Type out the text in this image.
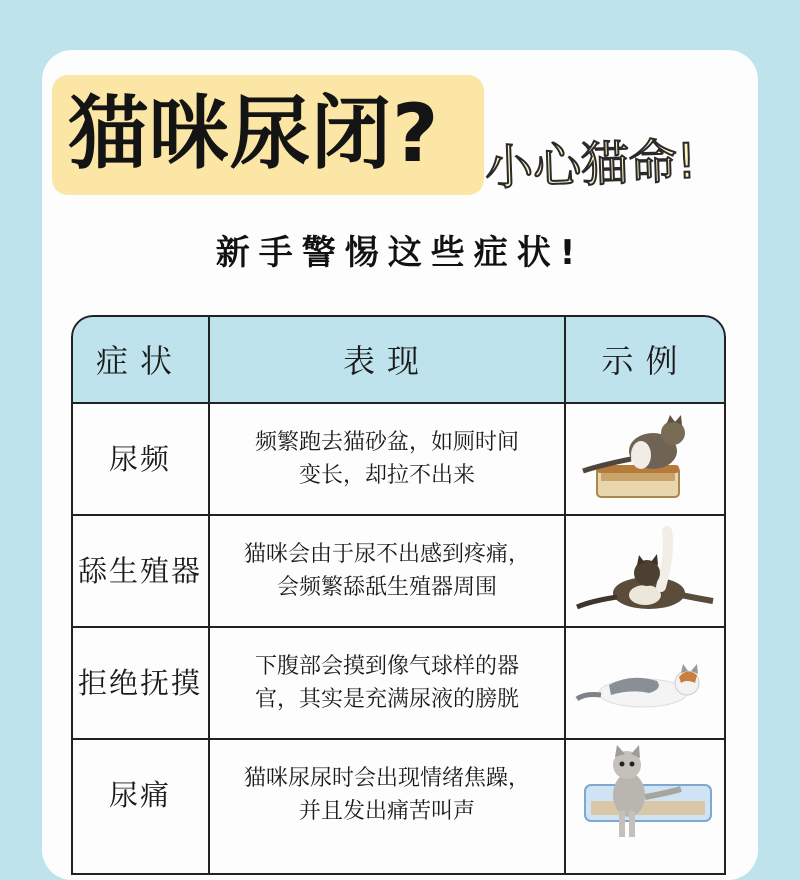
猫咪尿闭? 小心猫命!
新手警惕这些症状!
症状	表现	示例
尿频	频繁跑去猫砂盆，如厕时间
变长，却拉不出来
舔生殖器	猫咪会由于尿不出感到疼痛，
会频繁舔舐生殖器周围
拒绝抚摸	下腹部会摸到像气球样的器
官，其实是充满尿液的膀胱
尿痛	猫咪尿尿时会出现情绪焦躁，
并且发出痛苦叫声
